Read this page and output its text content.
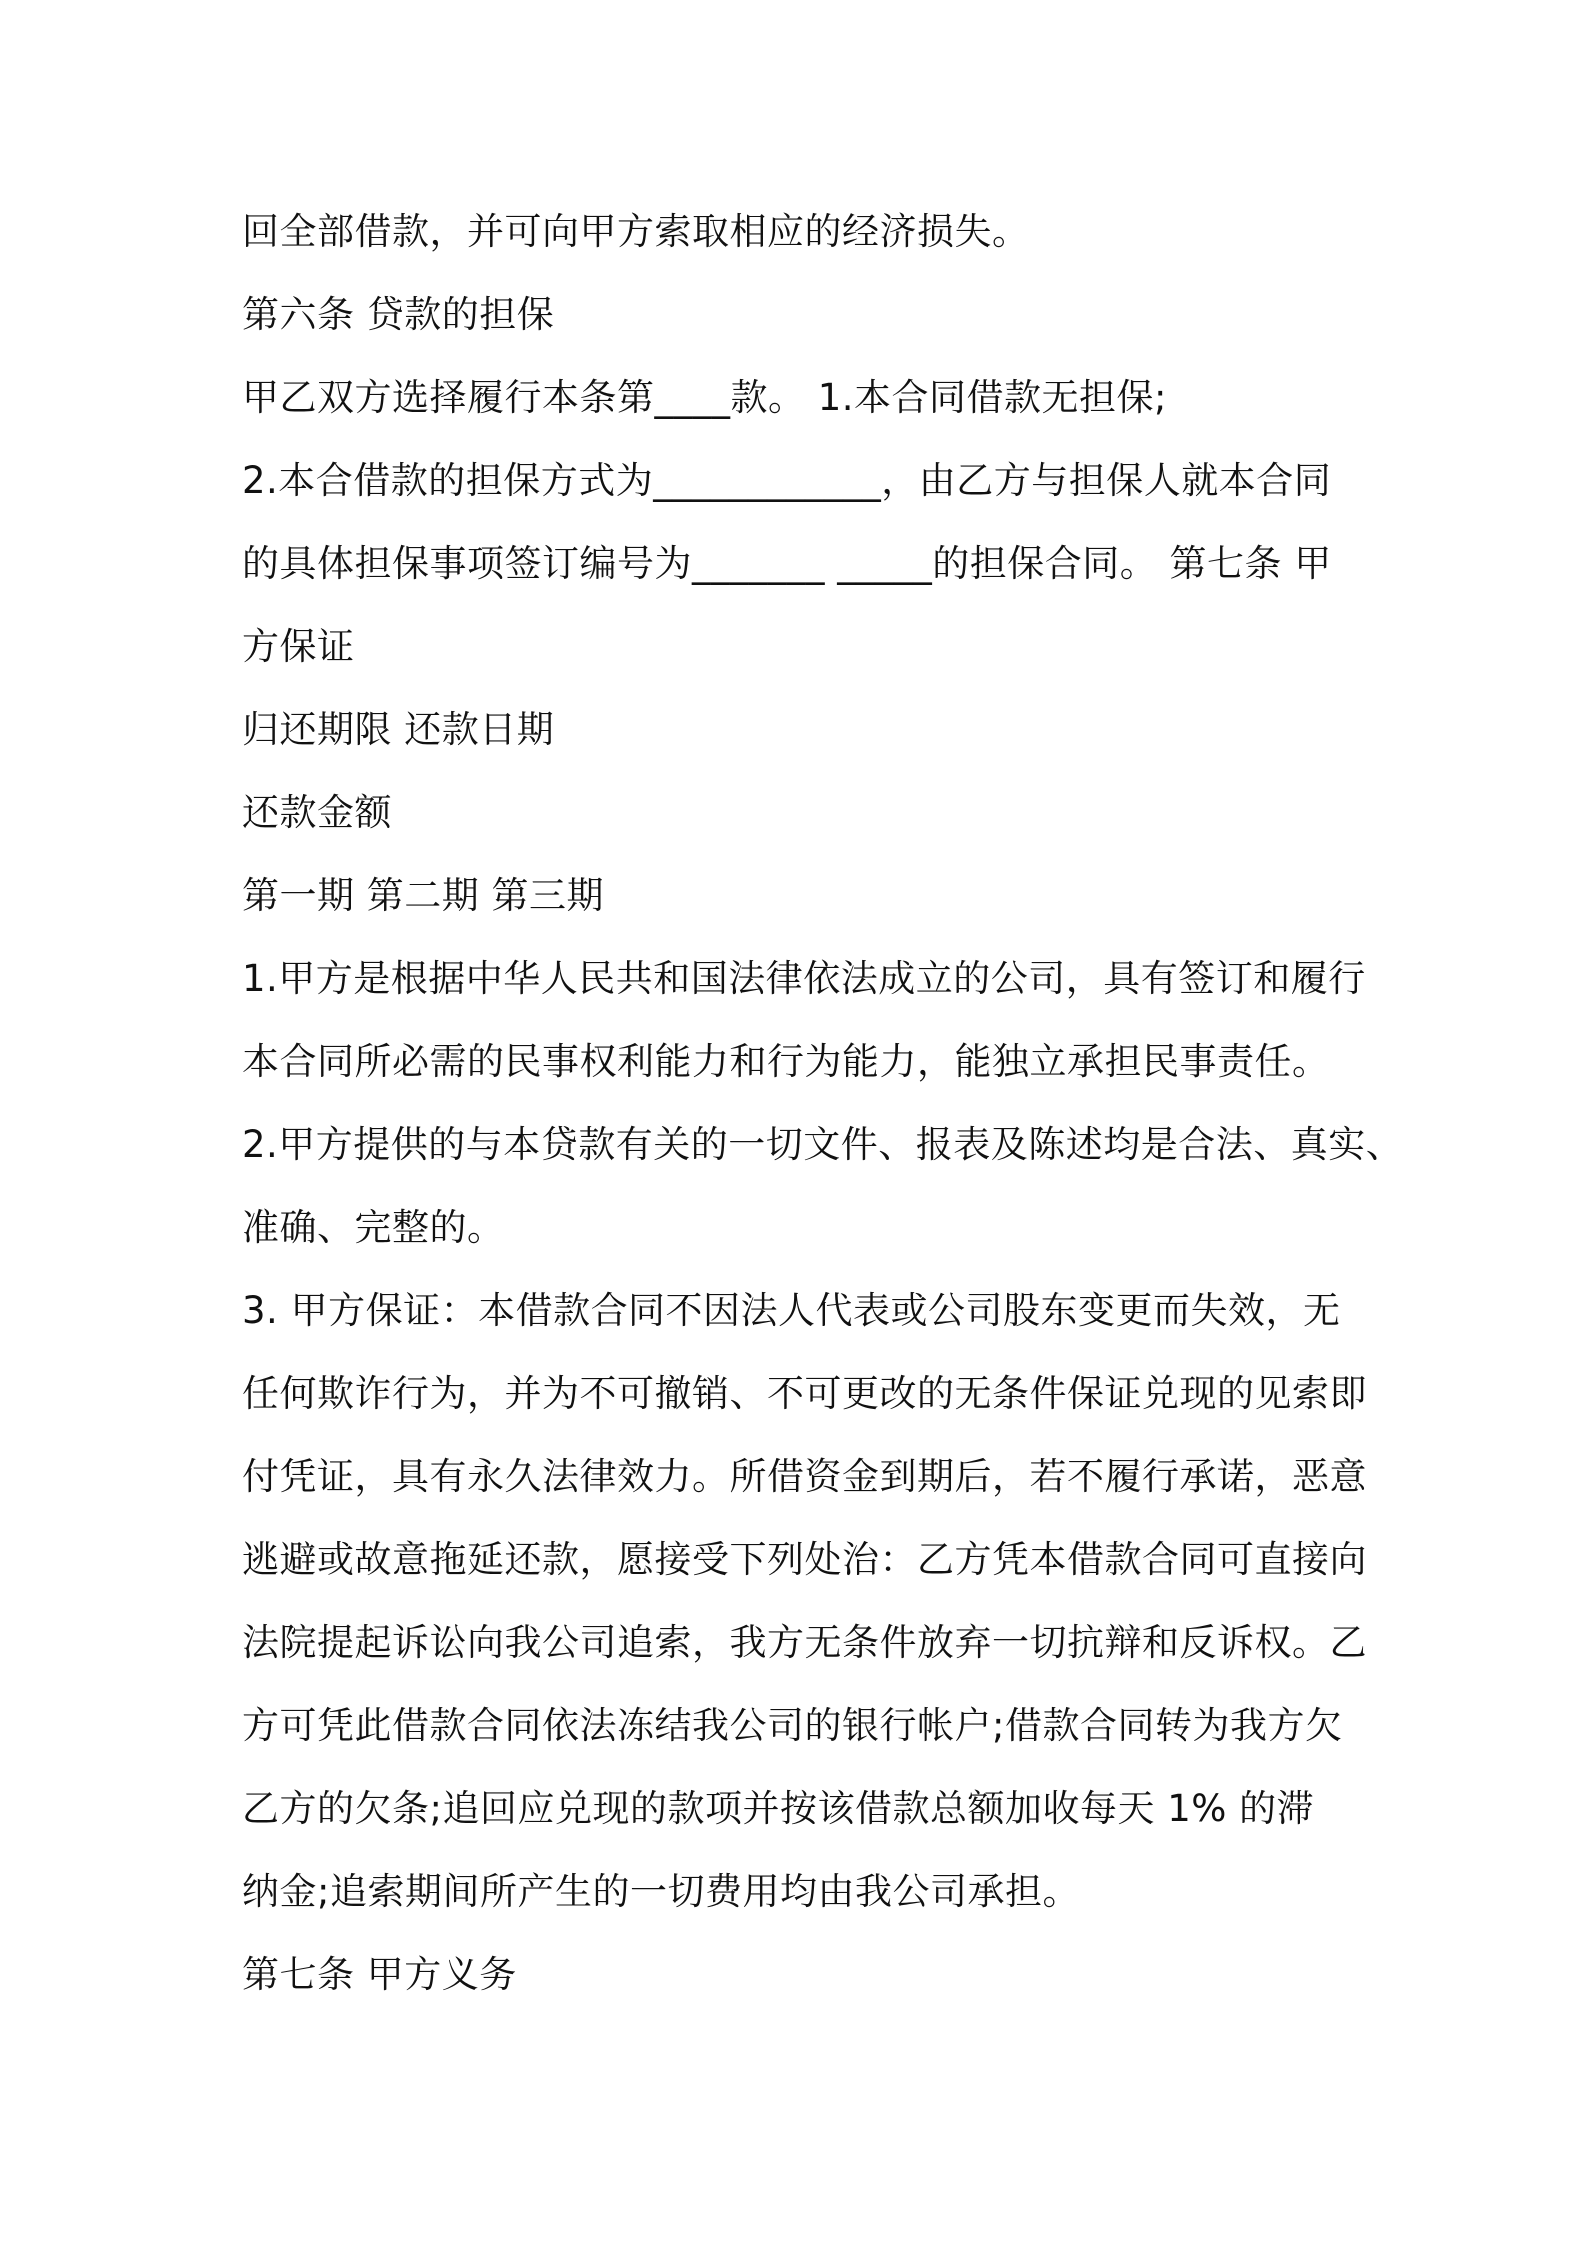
回全部借款，并可向甲方索取相应的经济损失。
第六条 贷款的担保
甲乙双方选择履行本条第____款。 1.本合同借款无担保;
2.本合借款的担保方式为____________，由乙方与担保人就本合同
的具体担保事项签订编号为_______ _____的担保合同。 第七条 甲
方保证
归还期限 还款日期
还款金额
第一期 第二期 第三期
1.甲方是根据中华人民共和国法律依法成立的公司，具有签订和履行
本合同所必需的民事权利能力和行为能力，能独立承担民事责任。
2.甲方提供的与本贷款有关的一切文件、报表及陈述均是合法、真实、
准确、完整的。
3. 甲方保证：本借款合同不因法人代表或公司股东变更而失效，无
任何欺诈行为，并为不可撤销、不可更改的无条件保证兑现的见索即
付凭证，具有永久法律效力。所借资金到期后，若不履行承诺，恶意
逃避或故意拖延还款，愿接受下列处治：乙方凭本借款合同可直接向
法院提起诉讼向我公司追索，我方无条件放弃一切抗辩和反诉权。乙
方可凭此借款合同依法冻结我公司的银行帐户;借款合同转为我方欠
乙方的欠条;追回应兑现的款项并按该借款总额加收每天 1% 的滞
纳金;追索期间所产生的一切费用均由我公司承担。
第七条 甲方义务
